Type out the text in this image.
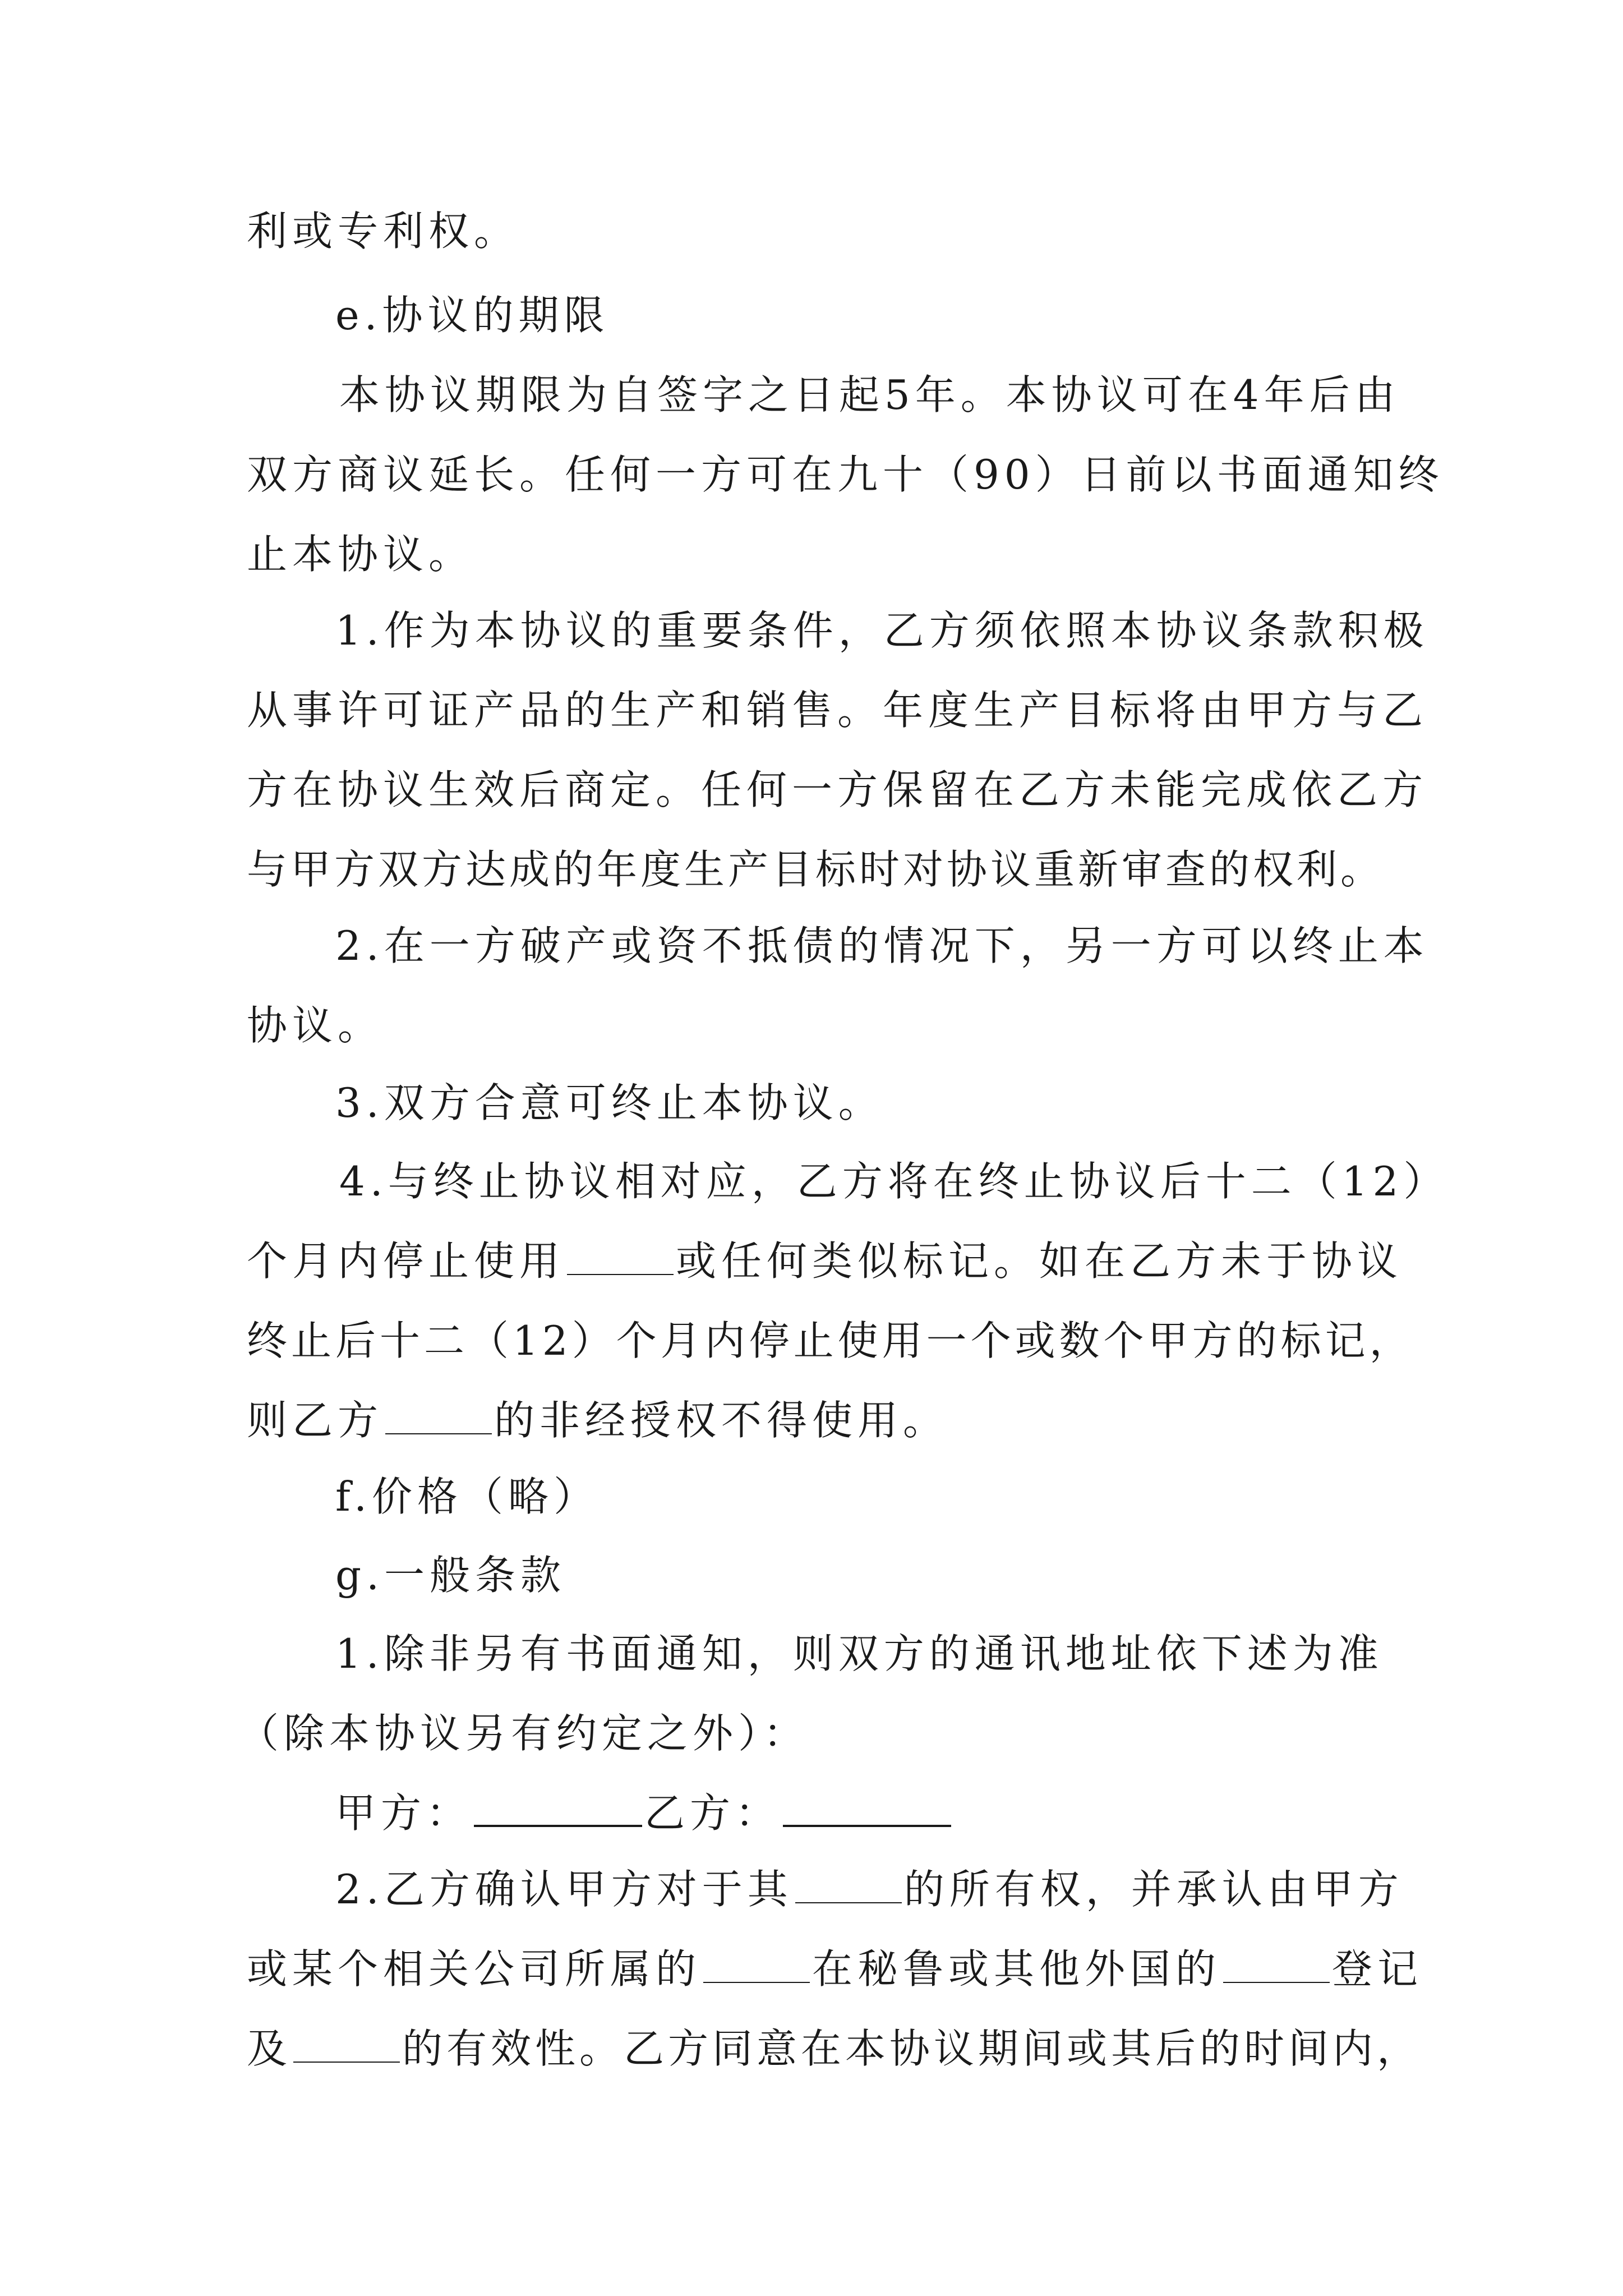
利或专利权。
e.协议的期限
本协议期限为自签字之日起5年。本协议可在4年后由
双方商议延长。任何一方可在九十（90）日前以书面通知终
止本协议。
1.作为本协议的重要条件，乙方须依照本协议条款积极
从事许可证产品的生产和销售。年度生产目标将由甲方与乙
方在协议生效后商定。任何一方保留在乙方未能完成依乙方
与甲方双方达成的年度生产目标时对协议重新审查的权利。
2.在一方破产或资不抵债的情况下，另一方可以终止本
协议。
3.双方合意可终止本协议。
4.与终止协议相对应，乙方将在终止协议后十二（12）
个月内停止使用	或任何类似标记。如在乙方未于协议
终止后十二（12）个月内停止使用一个或数个甲方的标记，
则乙方	的非经授权不得使用。
f.价格（略）
g.一般条款
1.除非另有书面通知，则双方的通讯地址依下述为准
（除本协议另有约定之外）：
甲方：	乙方：
2.乙方确认甲方对于其	的所有权，并承认由甲方
或某个相关公司所属的	在秘鲁或其他外国的	登记
及	的有效性。乙方同意在本协议期间或其后的时间内，
